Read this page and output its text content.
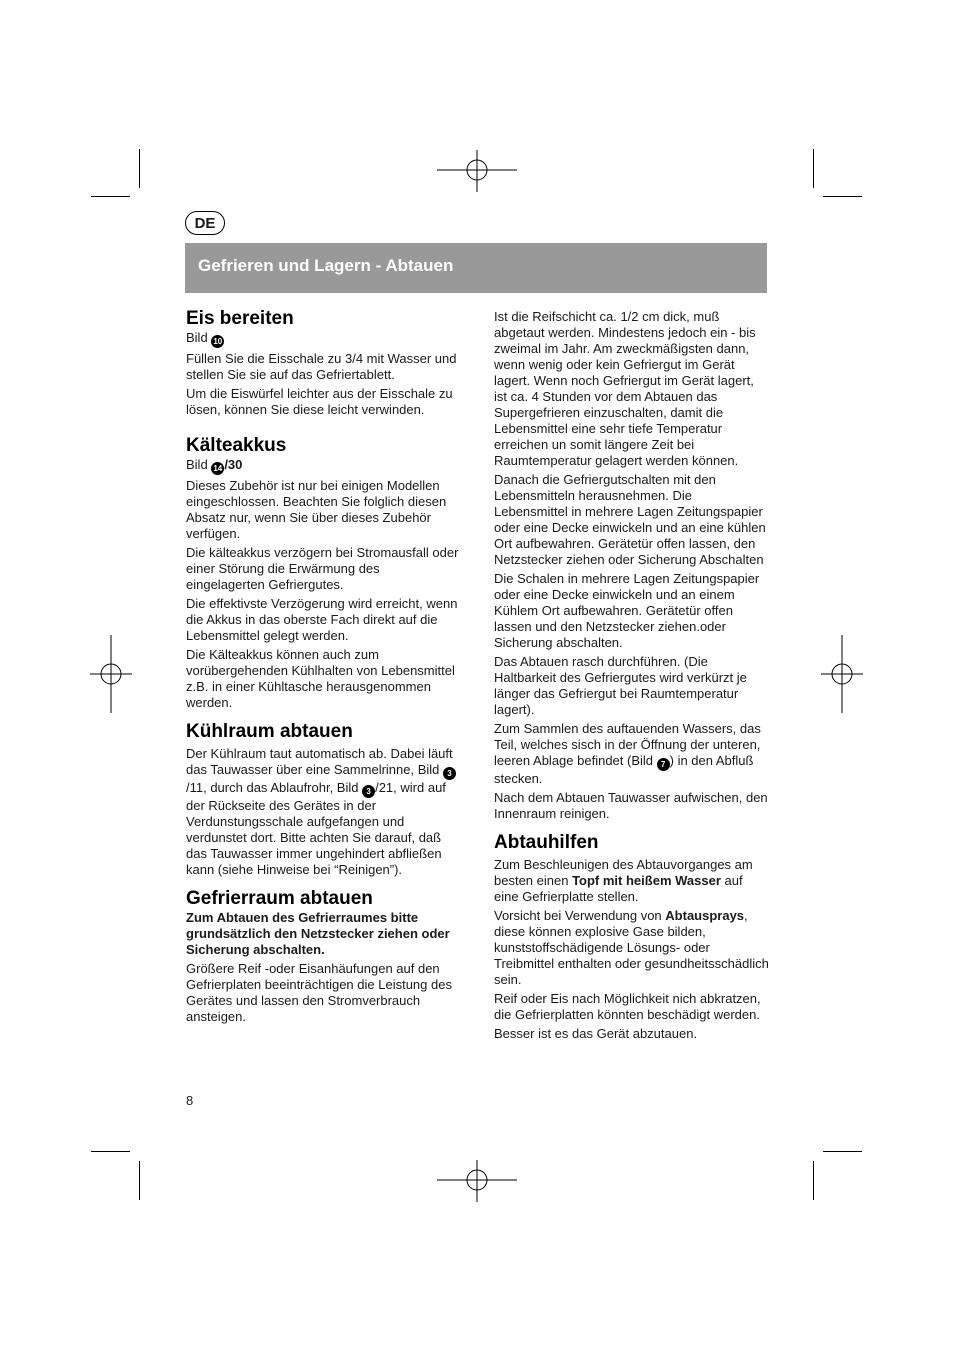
DE
Gefrieren und Lagern - Abtauen
Eis bereiten

Bild 10

Füllen Sie die Eisschale zu 3/4 mit Wasser und stellen Sie sie auf das Gefriertablett.

Um die Eiswürfel leichter aus der Eisschale zu lösen, können Sie diese leicht verwinden.

Kälteakkus

Bild 14 /30

Dieses Zubehör ist nur bei einigen Modellen eingeschlossen. Beachten Sie folglich diesen Absatz nur, wenn Sie über dieses Zubehör verfügen.

Die kälteakkus verzögern bei Stromausfall oder einer Störung die Erwärmung des eingelagerten Gefriergutes.

Die effektivste Verzögerung wird erreicht, wenn die Akkus in das oberste Fach direkt auf die Lebensmittel gelegt werden.

Die Kälteakkus können auch zum vorübergehenden Kühlhalten von Lebensmittel z.B. in einer Kühltasche herausgenommen werden.

Kühlraum abtauen

Der Kühlraum taut automatisch ab. Dabei läuft das Tauwasser über eine Sammelrinne, Bild 3/11, durch das Ablaufrohr, Bild 3 /21, wird auf der Rückseite des Gerätes in der Verdunstungsschale aufgefangen und verdunstet dort. Bitte achten Sie darauf, daß das Tauwasser immer ungehindert abfließen kann (siehe Hinweise bei “Reinigen”).

Gefrierraum abtauen

Zum Abtauen des Gefrierraumes bitte grundsätzlich den Netzstecker ziehen oder Sicherung abschalten.

Größere Reif -oder Eisanhäufungen auf den Gefrierplaten beeinträchtigen die Leistung des Gerätes und lassen den Stromverbrauch ansteigen.

Ist die Reifschicht ca. 1/2 cm dick, muß abgetaut werden. Mindestens jedoch ein - bis zweimal im Jahr. Am zweckmäßigsten dann, wenn wenig oder kein Gefriergut im Gerät lagert. Wenn noch Gefriergut im Gerät lagert, ist ca. 4 Stunden vor dem Abtauen das Supergefrieren einzuschalten, damit die Lebensmittel eine sehr tiefe Temperatur erreichen un somit längere Zeit bei Raumtemperatur gelagert werden können.

Danach die Gefriergutschalten mit den Lebensmitteln herausnehmen. Die Lebensmittel in mehrere Lagen Zeitungspapier oder eine Decke einwickeln und an eine kühlen Ort aufbewahren. Gerätetür offen lassen, den Netzstecker ziehen oder Sicherung Abschalten

Die Schalen in mehrere Lagen Zeitungspapier oder eine Decke einwickeln und an einem Kühlem Ort aufbewahren. Gerätetür offen lassen und den Netzstecker ziehen.oder Sicherung abschalten.

Das Abtauen rasch durchführen. (Die Haltbarkeit des Gefriergutes wird verkürzt je länger das Gefriergut bei Raumtemperatur lagert).

Zum Sammlen des auftauenden Wassers, das Teil, welches sisch in der Öffnung der unteren, leeren Ablage befindet (Bild 7 ) in den Abfluß stecken.

Nach dem Abtauen Tauwasser aufwischen, den Innenraum reinigen.

Abtauhilfen

Zum Beschleunigen des Abtauvorganges am besten einen Topf mit heißem Wasser auf eine Gefrierplatte stellen.

Vorsicht bei Verwendung von Abtausprays, diese können explosive Gase bilden, kunststoffschädigende Lösungs- oder Treibmittel enthalten oder gesundheitsschädlich sein.

Reif oder Eis nach Möglichkeit nich abkratzen, die Gefrierplatten könnten beschädigt werden.

Besser ist es das Gerät abzutauen.

8
